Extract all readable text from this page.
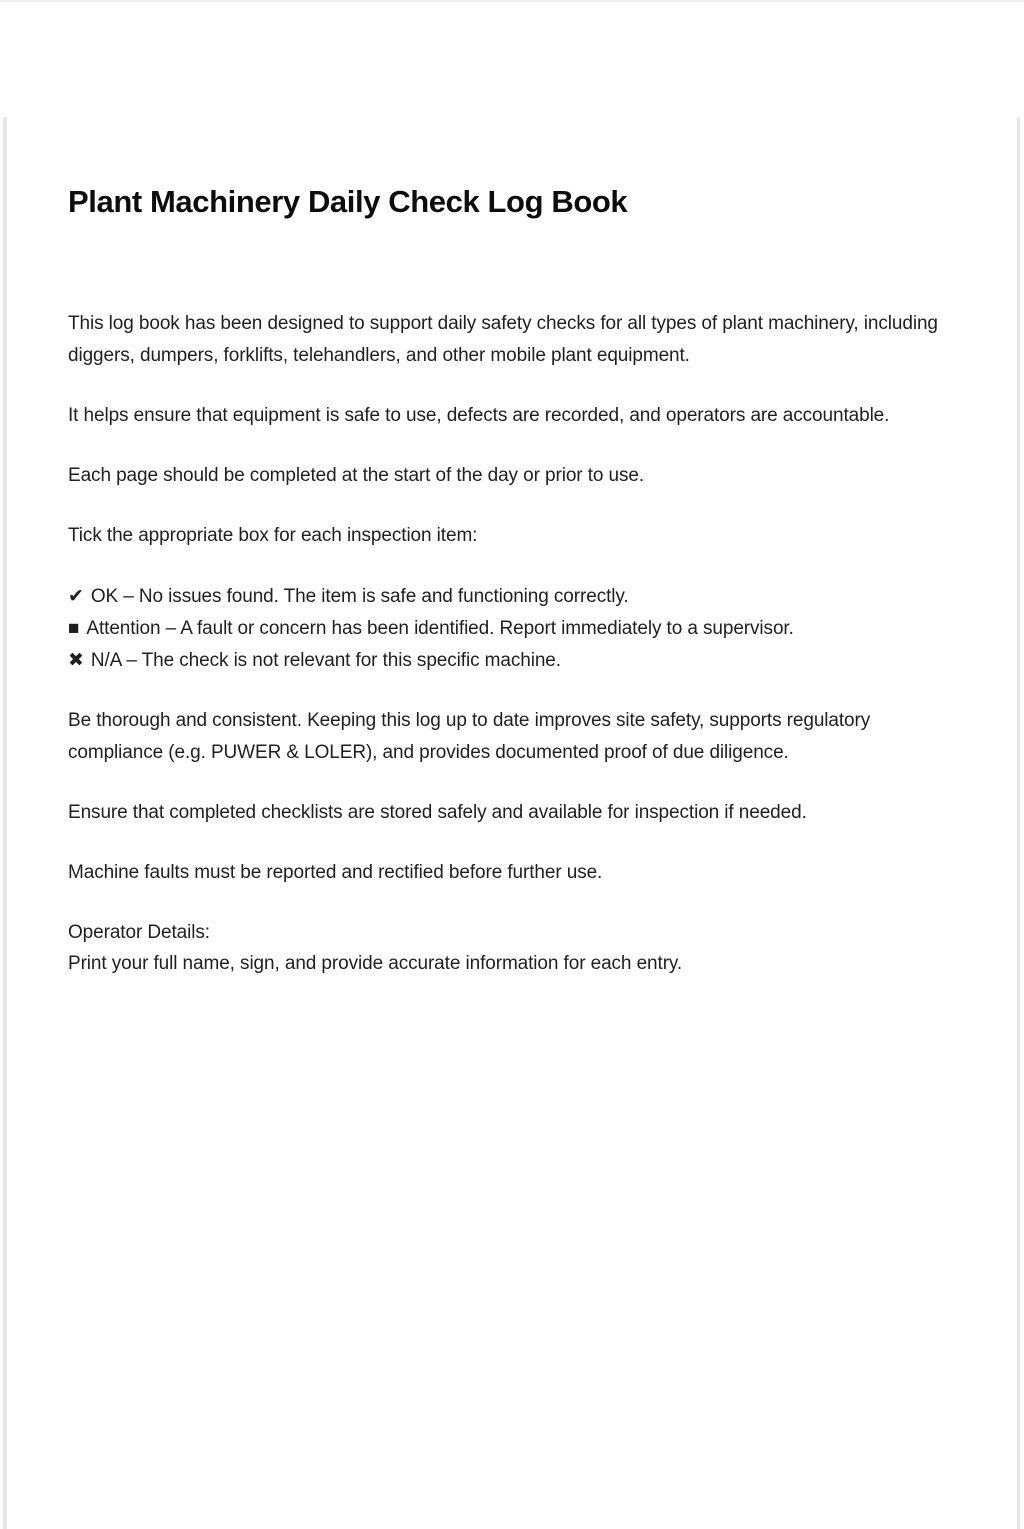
Plant Machinery Daily Check Log Book

This log book has been designed to support daily safety checks for all types of plant machinery, including diggers, dumpers, forklifts, telehandlers, and other mobile plant equipment.

It helps ensure that equipment is safe to use, defects are recorded, and operators are accountable.

Each page should be completed at the start of the day or prior to use.

Tick the appropriate box for each inspection item:

✔ OK – No issues found. The item is safe and functioning correctly.

■ Attention – A fault or concern has been identified. Report immediately to a supervisor.

✖ N/A – The check is not relevant for this specific machine.

Be thorough and consistent. Keeping this log up to date improves site safety, supports regulatory compliance (e.g. PUWER & LOLER), and provides documented proof of due diligence.

Ensure that completed checklists are stored safely and available for inspection if needed.

Machine faults must be reported and rectified before further use.

Operator Details:

Print your full name, sign, and provide accurate information for each entry.
